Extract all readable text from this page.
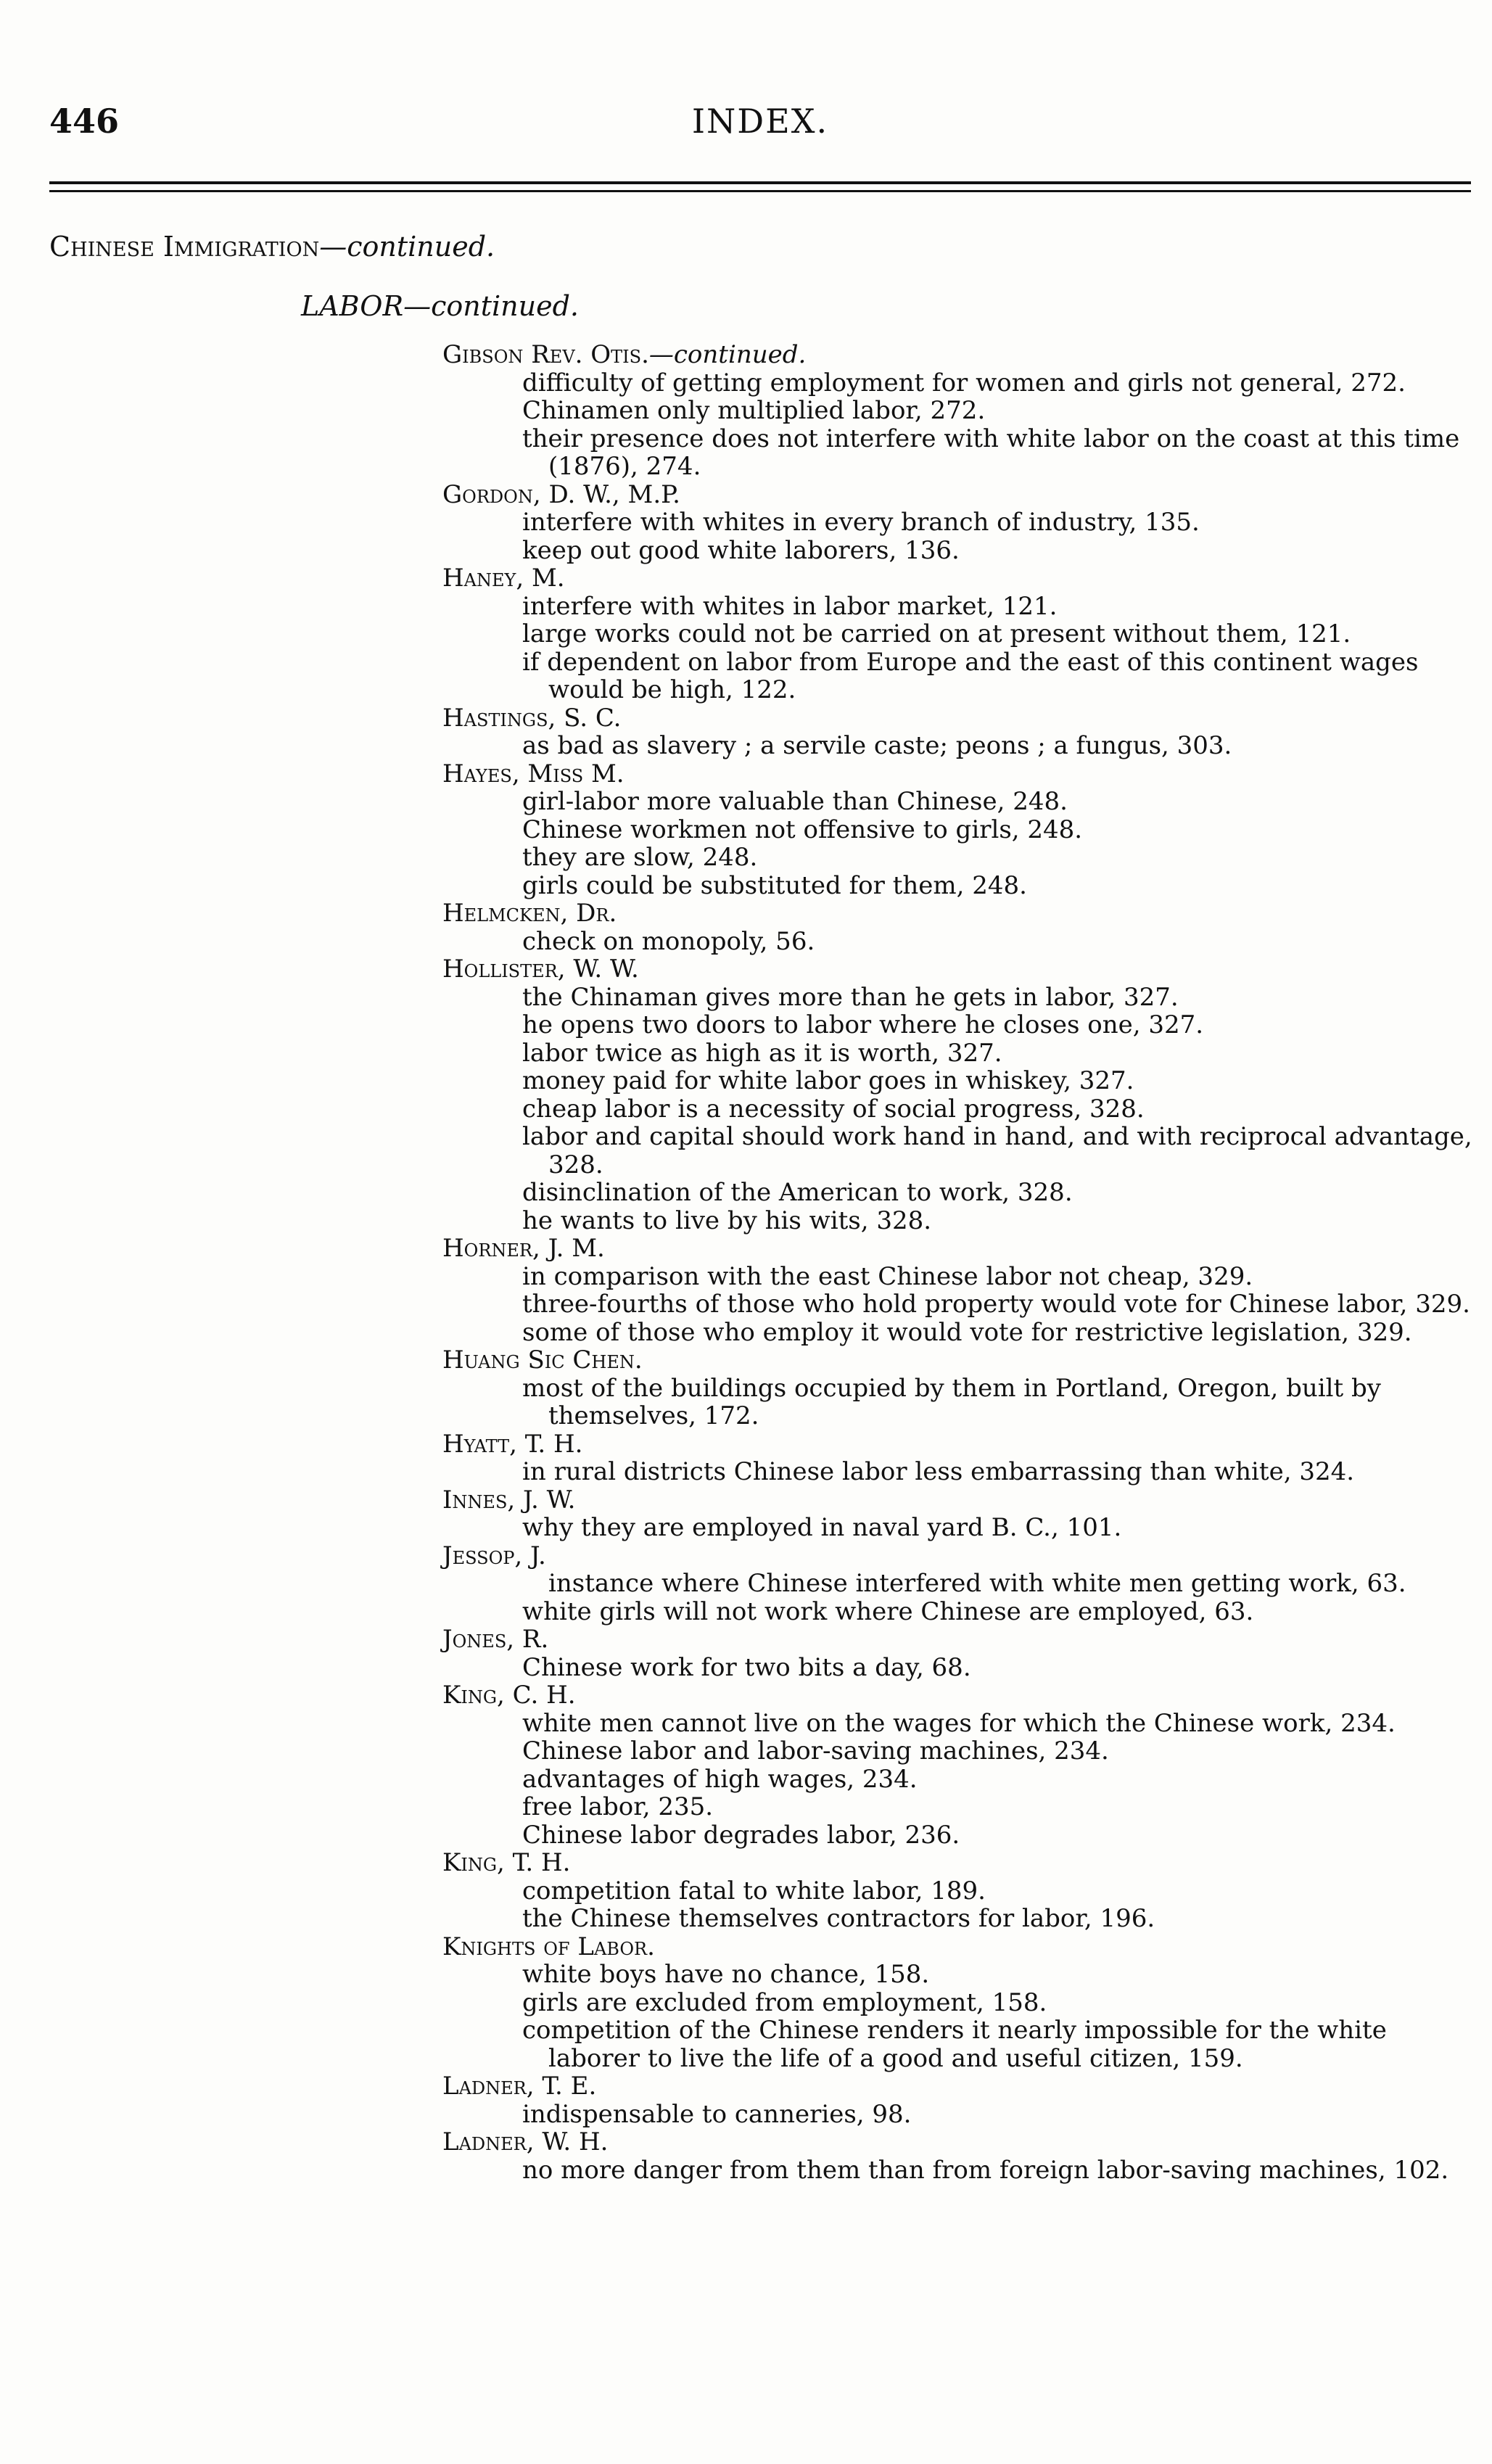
446	INDEX.
Chinese Immigration—continued.
LABOR—continued.
Gibson Rev. Otis.—continued.
difficulty of getting employment for women and girls not general, 272.
Chinamen only multiplied labor, 272.
their presence does not interfere with white labor on the coast at this time (1876), 274.
Gordon, D. W., M.P.
interfere with whites in every branch of industry, 135.
keep out good white laborers, 136.
Haney, M.
interfere with whites in labor market, 121.
large works could not be carried on at present without them, 121.
if dependent on labor from Europe and the east of this continent wages would be high, 122.
Hastings, S. C.
as bad as slavery ; a servile caste; peons ; a fungus, 303.
Hayes, Miss M.
girl-labor more valuable than Chinese, 248.
Chinese workmen not offensive to girls, 248.
they are slow, 248.
girls could be substituted for them, 248.
Helmcken, Dr.
check on monopoly, 56.
Hollister, W. W.
the Chinaman gives more than he gets in labor, 327.
he opens two doors to labor where he closes one, 327.
labor twice as high as it is worth, 327.
money paid for white labor goes in whiskey, 327.
cheap labor is a necessity of social progress, 328.
labor and capital should work hand in hand, and with reciprocal advantage, 328.
disinclination of the American to work, 328.
he wants to live by his wits, 328.
Horner, J. M.
in comparison with the east Chinese labor not cheap, 329.
three-fourths of those who hold property would vote for Chinese labor, 329.
some of those who employ it would vote for restrictive legislation, 329.
Huang Sic Chen.
most of the buildings occupied by them in Portland, Oregon, built by themselves, 172.
Hyatt, T. H.
in rural districts Chinese labor less embarrassing than white, 324.
Innes, J. W.
why they are employed in naval yard B. C., 101.
Jessop, J.
instance where Chinese interfered with white men getting work, 63.
white girls will not work where Chinese are employed, 63.
Jones, R.
Chinese work for two bits a day, 68.
King, C. H.
white men cannot live on the wages for which the Chinese work, 234.
Chinese labor and labor-saving machines, 234.
advantages of high wages, 234.
free labor, 235.
Chinese labor degrades labor, 236.
King, T. H.
competition fatal to white labor, 189.
the Chinese themselves contractors for labor, 196.
Knights of Labor.
white boys have no chance, 158.
girls are excluded from employment, 158.
competition of the Chinese renders it nearly impossible for the white laborer to live the life of a good and useful citizen, 159.
Ladner, T. E.
indispensable to canneries, 98.
Ladner, W. H.
no more danger from them than from foreign labor-saving machines, 102.
